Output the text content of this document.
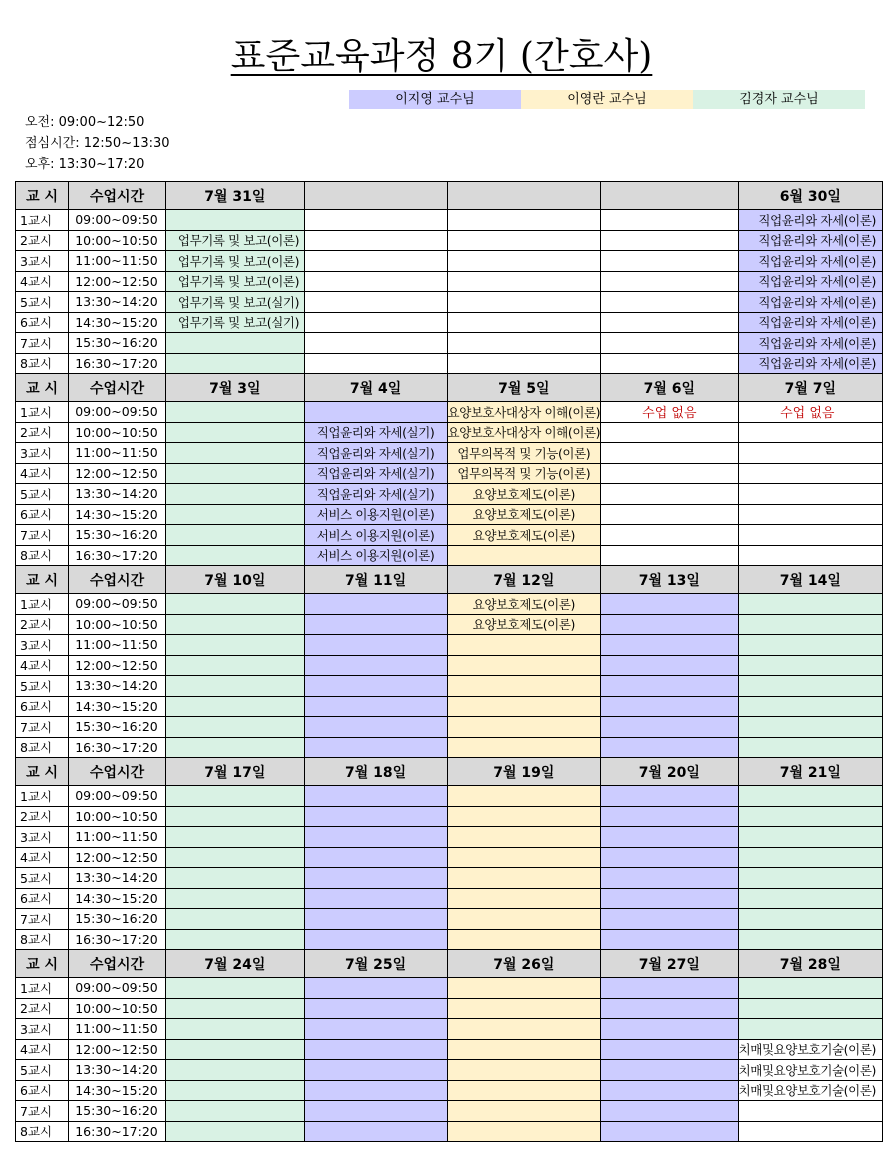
표준교육과정 8기 (간호사)
이지영 교수님	이영란 교수님	김경자 교수님
오전: 09:00~12:50
점심시간: 12:50~13:30
오후: 13:30~17:20
교 시	수업시간	7월 31일				6월 30일
1교시	09:00~09:50					직업윤리와 자세(이론)
2교시	10:00~10:50	업무기록 및 보고(이론)				직업윤리와 자세(이론)
3교시	11:00~11:50	업무기록 및 보고(이론)				직업윤리와 자세(이론)
4교시	12:00~12:50	업무기록 및 보고(이론)				직업윤리와 자세(이론)
5교시	13:30~14:20	업무기록 및 보고(실기)				직업윤리와 자세(이론)
6교시	14:30~15:20	업무기록 및 보고(실기)				직업윤리와 자세(이론)
7교시	15:30~16:20					직업윤리와 자세(이론)
8교시	16:30~17:20					직업윤리와 자세(이론)
교 시	수업시간	7월 3일	7월 4일	7월 5일	7월 6일	7월 7일
1교시	09:00~09:50			요양보호사대상자 이해(이론)	수업 없음	수업 없음
2교시	10:00~10:50		직업윤리와 자세(실기)	요양보호사대상자 이해(이론)		
3교시	11:00~11:50		직업윤리와 자세(실기)	업무의목적 및 기능(이론)		
4교시	12:00~12:50		직업윤리와 자세(실기)	업무의목적 및 기능(이론)		
5교시	13:30~14:20		직업윤리와 자세(실기)	요양보호제도(이론)		
6교시	14:30~15:20		서비스 이용지원(이론)	요양보호제도(이론)		
7교시	15:30~16:20		서비스 이용지원(이론)	요양보호제도(이론)		
8교시	16:30~17:20		서비스 이용지원(이론)			
교 시	수업시간	7월 10일	7월 11일	7월 12일	7월 13일	7월 14일
1교시	09:00~09:50			요양보호제도(이론)		
2교시	10:00~10:50			요양보호제도(이론)		
3교시	11:00~11:50					
4교시	12:00~12:50					
5교시	13:30~14:20					
6교시	14:30~15:20					
7교시	15:30~16:20					
8교시	16:30~17:20					
교 시	수업시간	7월 17일	7월 18일	7월 19일	7월 20일	7월 21일
1교시	09:00~09:50					
2교시	10:00~10:50					
3교시	11:00~11:50					
4교시	12:00~12:50					
5교시	13:30~14:20					
6교시	14:30~15:20					
7교시	15:30~16:20					
8교시	16:30~17:20					
교 시	수업시간	7월 24일	7월 25일	7월 26일	7월 27일	7월 28일
1교시	09:00~09:50					
2교시	10:00~10:50					
3교시	11:00~11:50					
4교시	12:00~12:50					치매및요양보호기술(이론)
5교시	13:30~14:20					치매및요양보호기술(이론)
6교시	14:30~15:20					치매및요양보호기술(이론)
7교시	15:30~16:20					
8교시	16:30~17:20					
